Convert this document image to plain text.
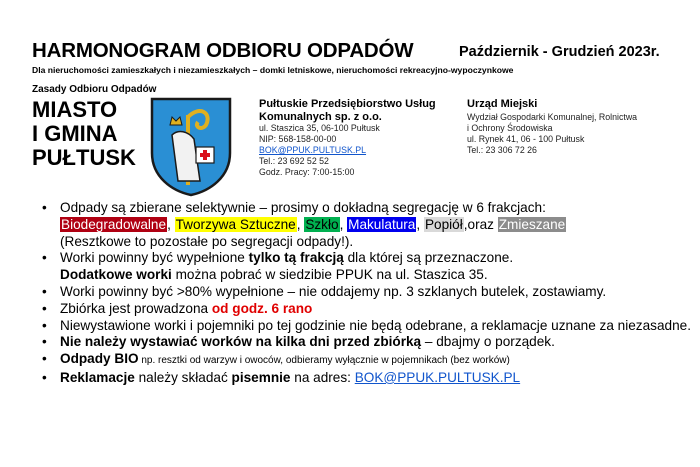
HARMONOGRAM ODBIORU ODPADÓW	Październik - Grudzień 2023r.
Dla nieruchomości zamieszkałych i niezamieszkałych – domki letniskowe, nieruchomości rekreacyjno-wypoczynkowe
Zasady Odbioru Odpadów
MIASTO
I GMINA
PUŁTUSK
Pułtuskie Przedsiębiorstwo Usług
Komunalnych sp. z o.o.
ul. Staszica 35, 06-100 Pułtusk
NIP: 568-158-00-00
BOK@PPUK.PULTUSK.PL
Tel.: 23 692 52 52
Godz. Pracy: 7:00-15:00
Urząd Miejski
Wydział Gospodarki Komunalnej, Rolnictwa
i Ochrony Środowiska
ul. Rynek 41, 06 - 100 Pułtusk
Tel.: 23 306 72 26
• Odpady są zbierane selektywnie – prosimy o dokładną segregację w 6 frakcjach:
Biodegradowalne, Tworzywa Sztuczne, Szkło, Makulatura, Popiół,oraz Zmieszane
(Resztkowe to pozostałe po segregacji odpady!).
• Worki powinny być wypełnione tylko tą frakcją dla której są przeznaczone.
Dodatkowe worki można pobrać w siedzibie PPUK na ul. Staszica 35.
• Worki powinny być >80% wypełnione – nie oddajemy np. 3 szklanych butelek, zostawiamy.
• Zbiórka jest prowadzona od godz. 6 rano
• Niewystawione worki i pojemniki po tej godzinie nie będą odebrane, a reklamacje uznane za niezasadne.
• Nie należy wystawiać worków na kilka dni przed zbiórką – dbajmy o porządek.
• Odpady BIO np. resztki od warzyw i owoców, odbieramy wyłącznie w pojemnikach (bez worków)
• Reklamacje należy składać pisemnie na adres: BOK@PPUK.PULTUSK.PL
